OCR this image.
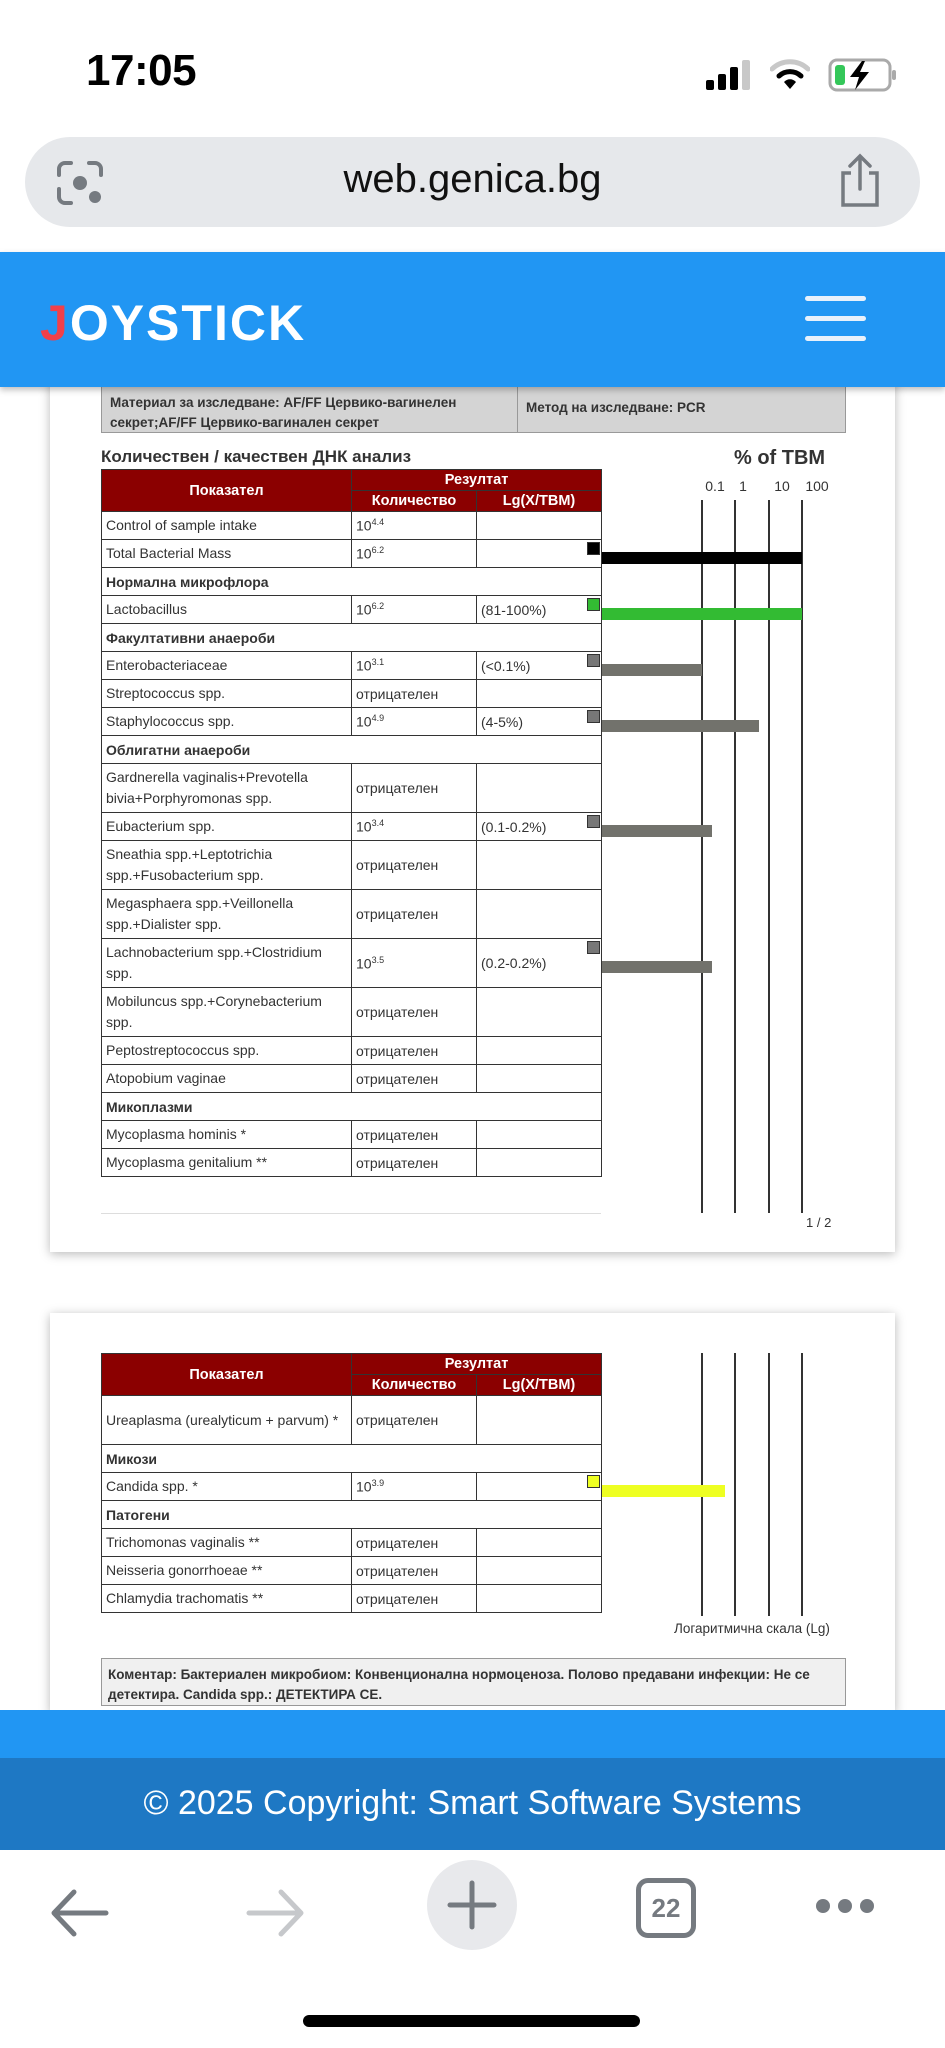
17:05
web.genica.bg
JOYSTICK
Материал за изследване: AF/FF Цервико-вагинелен секрет;AF/FF Цервико-вагинален секрет
Метод на изследване: PCR
Количествен / качествен ДНК анализ	% of TBM
0.1 1 10 100
Показател	Резултат	
	Количество	Lg(X/TBM)
Control of sample intake	$10^{4.4}$	
Total Bacterial Mass	$10^{6.2}$	

Нормална микрофлора		
Lactobacillus	$10^{6.2}$	(81-100%)

Факултативни анаероби		
Enterobacteriaceae	$10^{3.1}$	(<0.1%)

Streptococcus spp.	отрицателен	
Staphylococcus spp.	$10^{4.9}$	(4-5%)

Облигатни анаероби		
Gardnerella vaginalis+Prevotella bivia+Porphyromonas spp.	отрицателен	
Eubacterium spp.	$10^{3.4}$	(0.1-0.2%)

Sneathia spp.+Leptotrichia spp.+Fusobacterium spp.	отрицателен	
Megasphaera spp.+Veillonella spp.+Dialister spp.	отрицателен	
Lachnobacterium spp.+Clostridium spp.	$10^{3.5}$	(0.2-0.2%)

Mobiluncus spp.+Corynebacterium spp.	отрицателен	
Peptostreptococcus spp.	отрицателен	
Atopobium vaginae	отрицателен	
Микоплазми		
Mycoplasma hominis *	отрицателен	
Mycoplasma genitalium **	отрицателен	
1 / 2
Показател	Резултат	
	Количество	Lg(X/TBM)
Ureaplasma (urealyticum + parvum) *	отрицателен	
Микози		
Candida spp. *	$10^{3.9}$	

Патогени		
Trichomonas vaginalis **	отрицателен	
Neisseria gonorrhoeae **	отрицателен	
Chlamydia trachomatis **	отрицателен	
Логаритмична скала (Lg)
Коментар: Бактериален микробиом: Конвенционална нормоценоза. Полово предавани инфекции: Не се детектира. Candida spp.: ДЕТЕКТИРА СЕ.
© 2025 Copyright: Smart Software Systems
22
